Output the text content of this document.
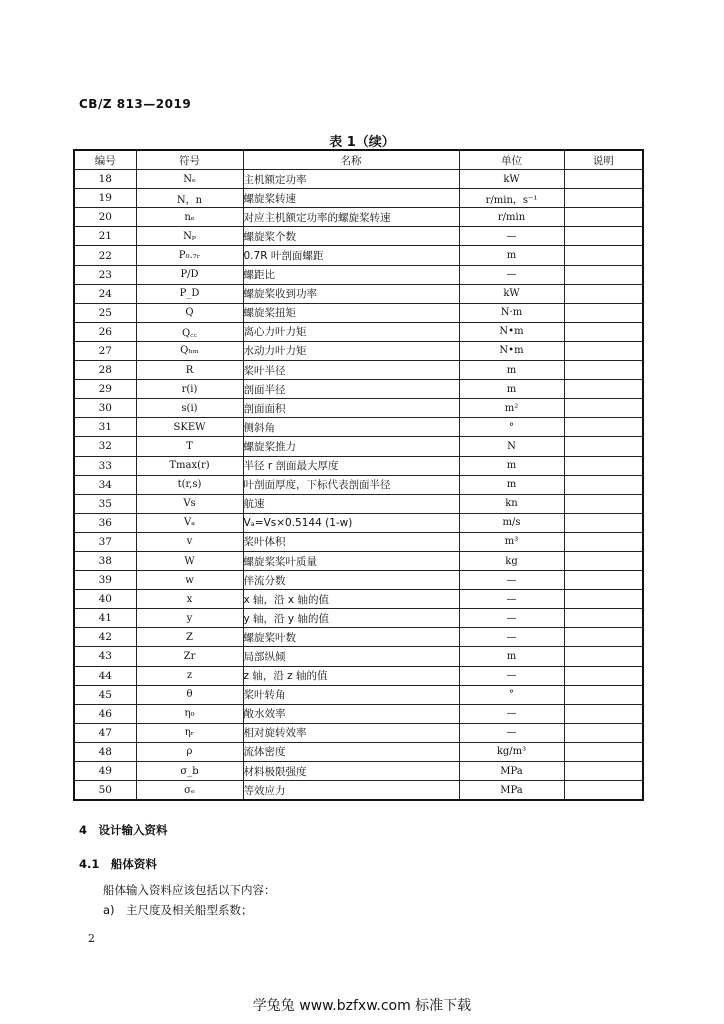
CB/Z 813—2019
表 1（续）
编号	符号	名称	单位	说明
18	Nₑ	主机额定功率	kW	
19	N，n	螺旋桨转速	r/min，s⁻¹	
20	nₑ	对应主机额定功率的螺旋桨转速	r/min	
21	Nₚ	螺旋桨个数	—	
22	P₀.₇ᵣ	0.7R 叶剖面螺距	m	
23	P/D	螺距比	—	
24	P_D	螺旋桨收到功率	kW	
25	Q	螺旋桨扭矩	N·m	
26	Q꜀꜀	离心力叶力矩	N•m	
27	Qₕₘ	水动力叶力矩	N•m	
28	R	桨叶半径	m	
29	r(i)	剖面半径	m	
30	s(i)	剖面面积	m²	
31	SKEW	侧斜角	°	
32	T	螺旋桨推力	N	
33	Tmax(r)	半径 r 剖面最大厚度	m	
34	t(r,s)	叶剖面厚度，下标代表剖面半径	m	
35	Vs	航速	kn	
36	Vₐ	Vₐ=Vs×0.5144 (1-w)	m/s	
37	v	桨叶体积	m³	
38	W	螺旋桨桨叶质量	kg	
39	w	伴流分数	—	
40	x	x 轴，沿 x 轴的值	—	
41	y	y 轴，沿 y 轴的值	—	
42	Z	螺旋桨叶数	—	
43	Zr	局部纵倾	m	
44	z	z 轴，沿 z 轴的值	—	
45	θ	桨叶转角	°	
46	η₀	敞水效率	—	
47	ηᵣ	相对旋转效率	—	
48	ρ	流体密度	kg/m³	
49	σ_b	材料极限强度	MPa	
50	σₑ	等效应力	MPa	
4　设计输入资料
4.1　船体资料
船体输入资料应该包括以下内容：
a)　主尺度及相关船型系数；
2
学兔兔 www.bzfxw.com 标准下载
